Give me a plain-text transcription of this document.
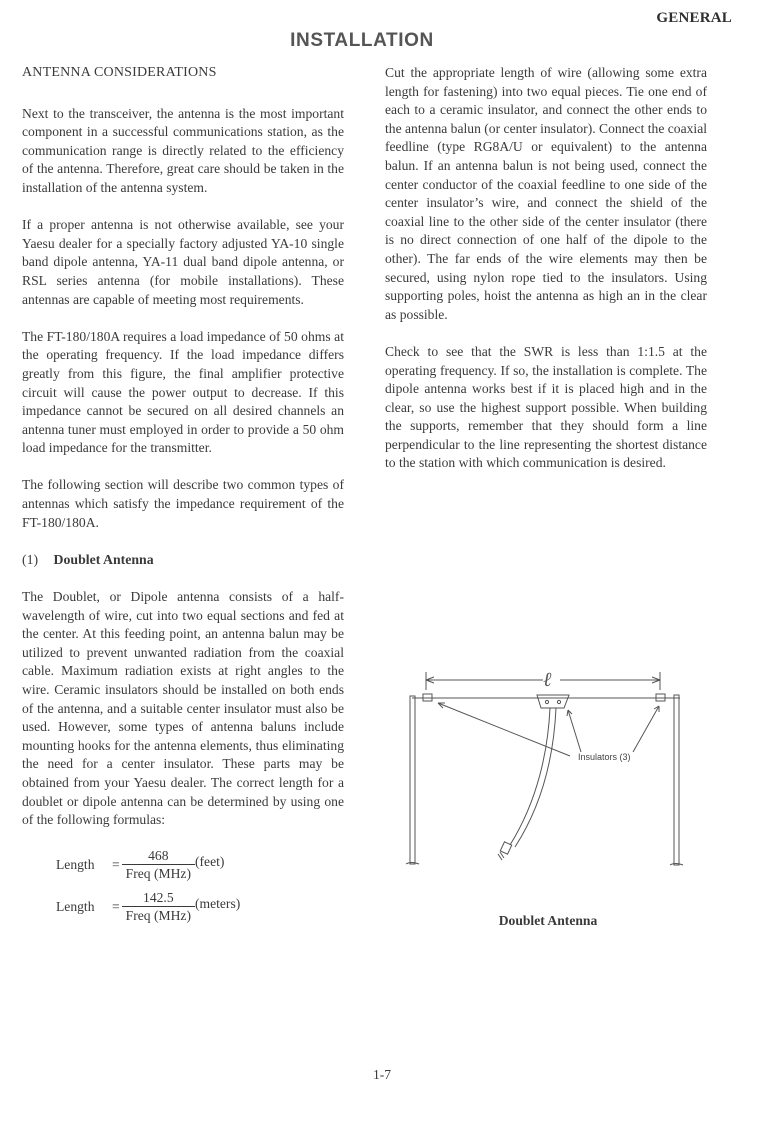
GENERAL
INSTALLATION
ANTENNA CONSIDERATIONS

Next to the transceiver, the antenna is the most important component in a successful communications station, as the communication range is directly related to the efficiency of the antenna. Therefore, great care should be taken in the installation of the antenna system.

If a proper antenna is not otherwise available, see your Yaesu dealer for a specially factory adjusted YA-10 single band dipole antenna, YA-11 dual band dipole antenna, or RSL series antenna (for mobile installations). These antennas are capable of meeting most requirements.

The FT-180/180A requires a load impedance of 50 ohms at the operating frequency. If the load impedance differs greatly from this figure, the final amplifier protective circuit will cause the power output to decrease. If this impedance cannot be secured on all desired channels an antenna tuner must employed in order to provide a 50 ohm load impedance for the transmitter.

The following section will describe two common types of antennas which satisfy the impedance requirement of the FT-180/180A.

(1) Doublet Antenna

The Doublet, or Dipole antenna consists of a half-wavelength of wire, cut into two equal sections and fed at the center. At this feeding point, an antenna balun may be utilized to prevent unwanted radiation from the coaxial cable. Maximum radiation exists at right angles to the wire. Ceramic insulators should be installed on both ends of the antenna, and a suitable center insulator must also be used. However, some types of antenna baluns include mounting hooks for the antenna elements, thus eliminating the need for a center insulator. These parts may be obtained from your Yaesu dealer. The correct length for a doublet or dipole antenna can be determined by using one of the following formulas:

Length	= $\frac{468}{\text{Freq (MHz)}}$ (feet)
Length	= $\frac{142.5}{\text{Freq (MHz)}}$ (meters)

Cut the appropriate length of wire (allowing some extra length for fastening) into two equal pieces. Tie one end of each to a ceramic insulator, and connect the other ends to the antenna balun (or center insulator). Connect the coaxial feedline (type RG8A/U or equivalent) to the antenna balun. If an antenna balun is not being used, connect the center conductor of the coaxial feedline to one side of the center insulator’s wire, and connect the shield of the coaxial line to the other side of the center insulator (there is no direct connection of one half of the dipole to the other). The far ends of the wire elements may then be secured, using nylon rope tied to the insulators. Using supporting poles, hoist the antenna as high an in the clear as possible.

Check to see that the SWR is less than 1:1.5 at the operating frequency. If so, the installation is complete. The dipole antenna works best if it is placed high and in the clear, so use the highest support possible. When building the supports, remember that they should form a line perpendicular to the line representing the shortest distance to the station with which communication is desired.

ℓ
Insulators (3)
Doublet Antenna
1-7
